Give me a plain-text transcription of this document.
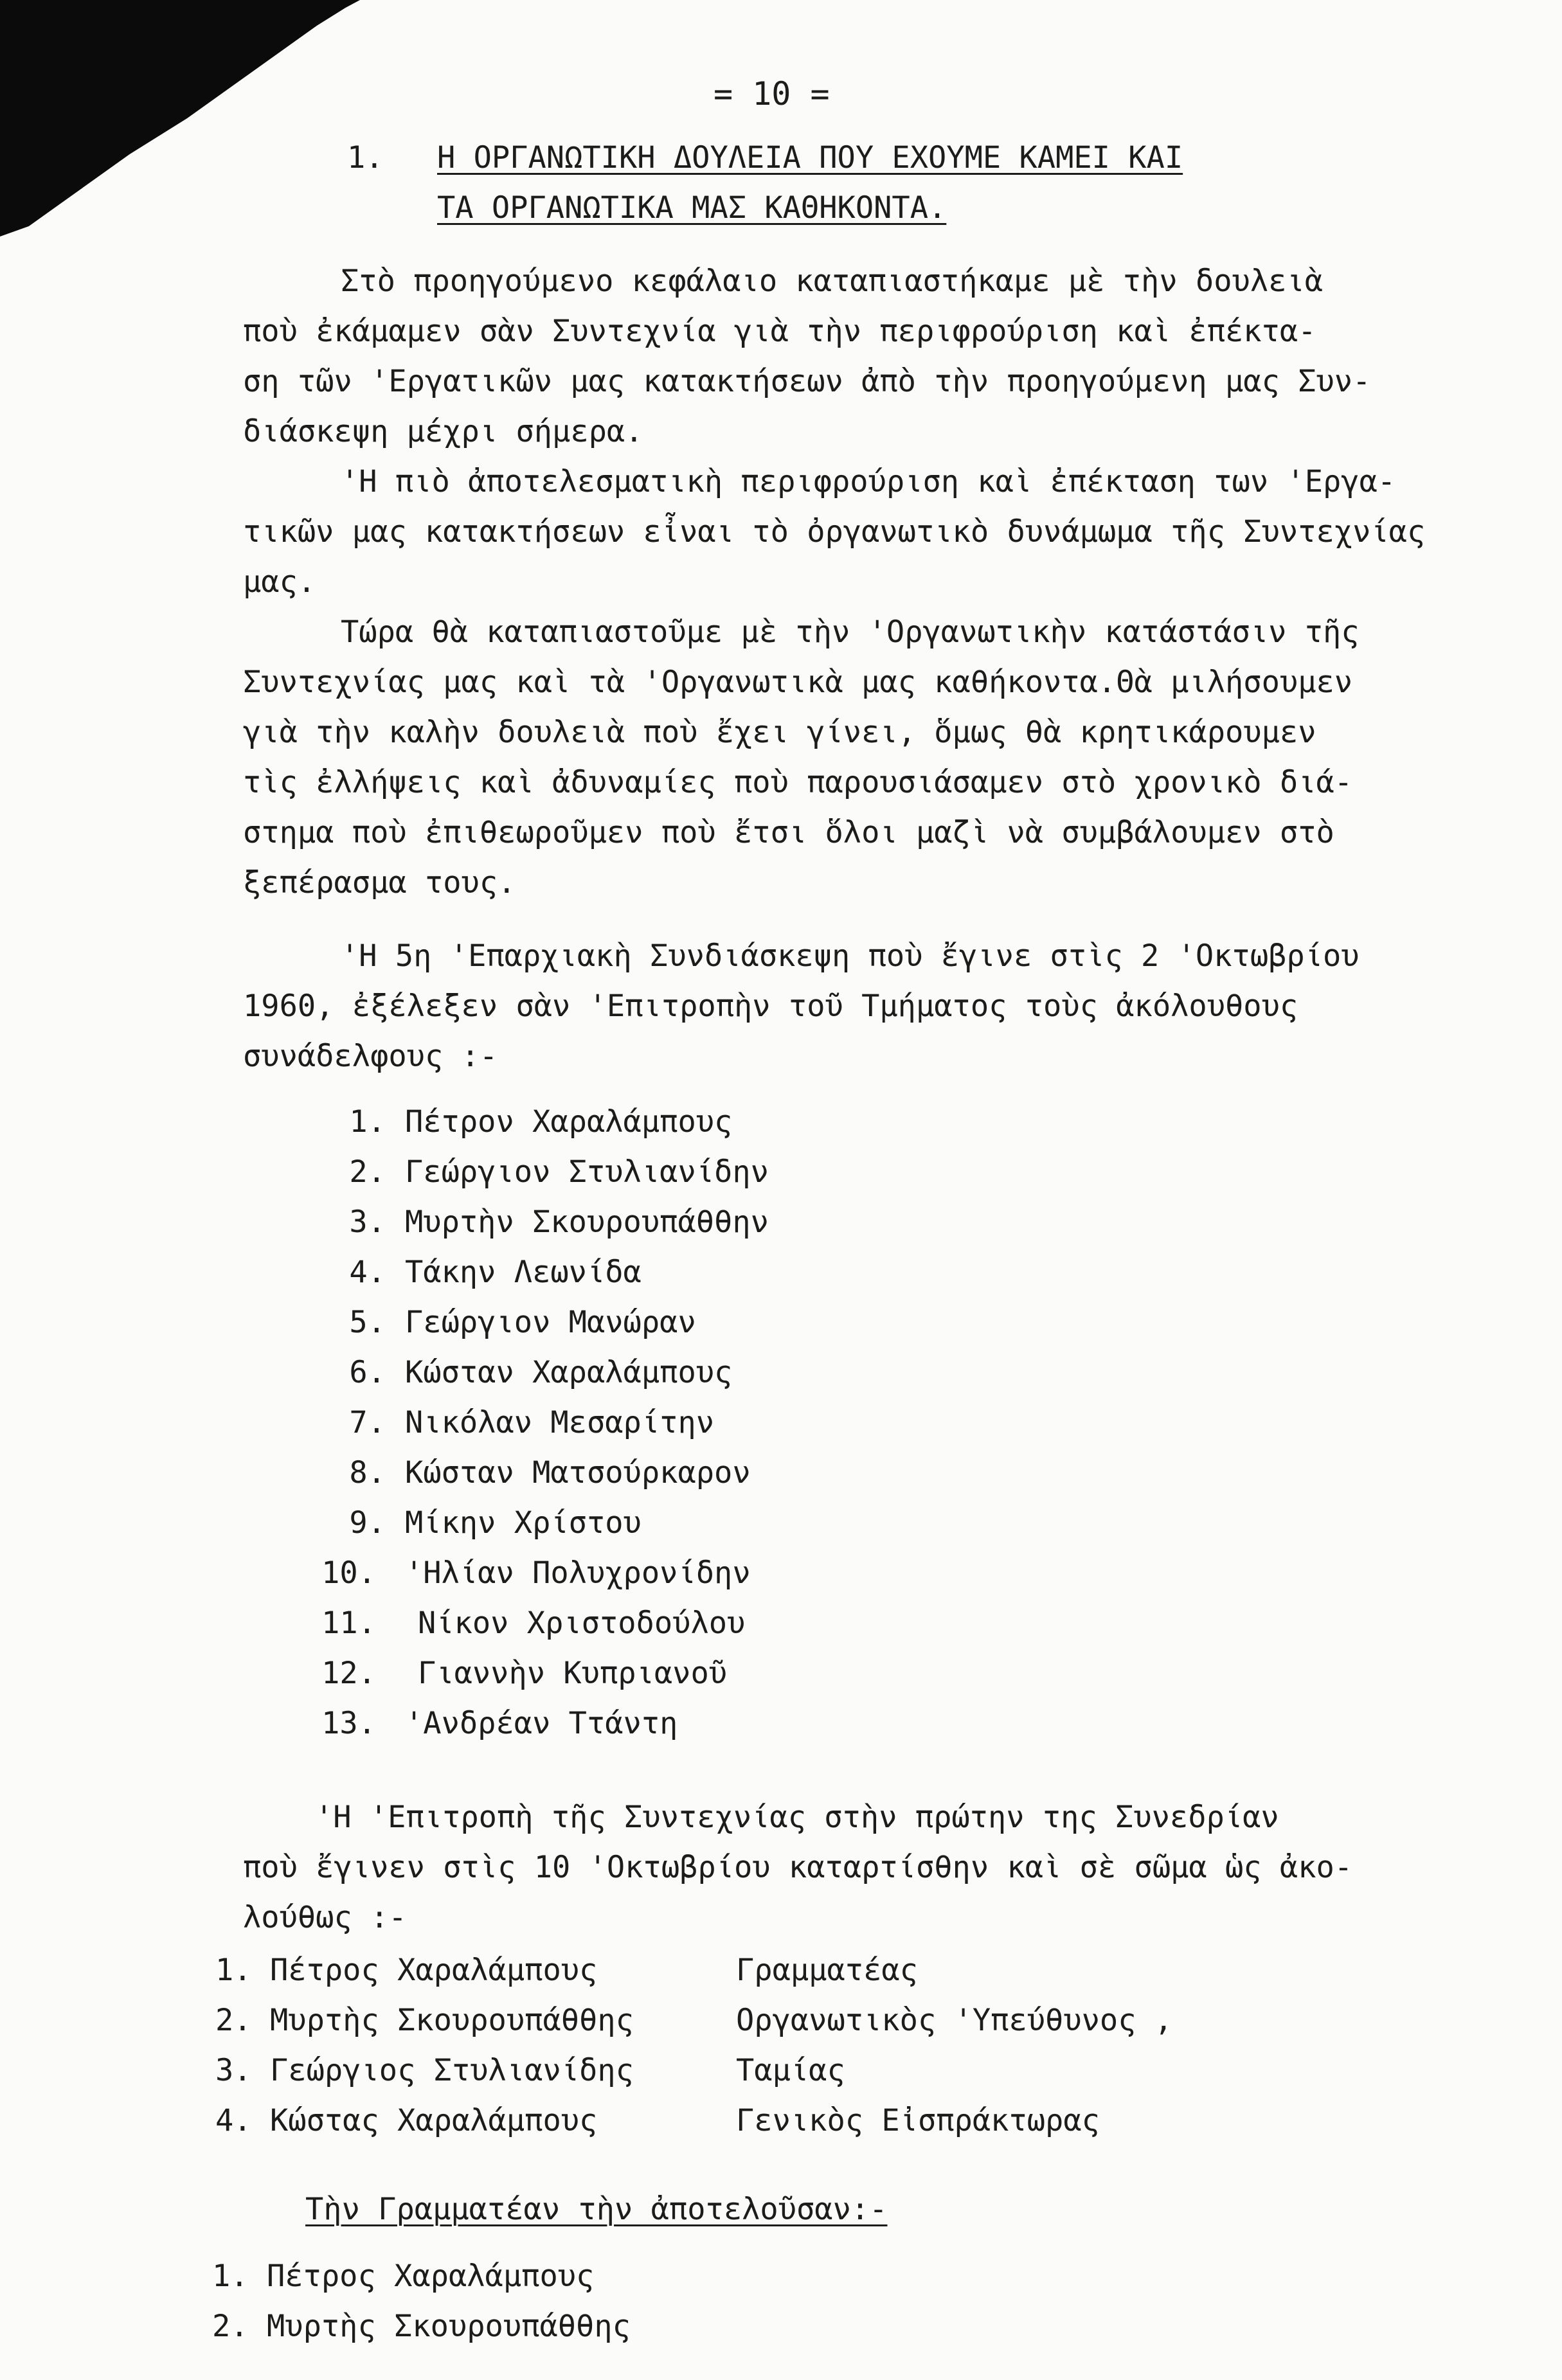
= 10 =
1. Η ΟΡΓΑΝΩΤΙΚΗ ΔΟΥΛΕΙΑ ΠΟΥ ΕΧΟΥΜΕ ΚΑΜΕΙ ΚΑΙ
ΤΑ ΟΡΓΑΝΩΤΙΚΑ ΜΑΣ ΚΑΘΗΚΟΝΤΑ.
Στὸ προηγούμενο κεφάλαιο καταπιαστήκαμε μὲ τὴν δουλειὰ
ποὺ ἐκάμαμεν σὰν Συντεχνία γιὰ τὴν περιφρούριση καὶ ἐπέκτα-
ση τῶν 'Εργατικῶν μας κατακτήσεων ἀπὸ τὴν προηγούμενη μας Συν-
διάσκεψη μέχρι σήμερα.
'Η πιὸ ἀποτελεσματικὴ περιφρούριση καὶ ἐπέκταση των 'Εργα-
τικῶν μας κατακτήσεων εἶναι τὸ ὀργανωτικὸ δυνάμωμα τῆς Συντεχνίας
μας.
Τώρα θὰ καταπιαστοῦμε μὲ τὴν 'Οργανωτικὴν κατάστάσιν τῆς
Συντεχνίας μας καὶ τὰ 'Οργανωτικὰ μας καθήκοντα.Θὰ μιλήσουμεν
γιὰ τὴν καλὴν δουλειὰ ποὺ ἔχει γίνει, ὅμως θὰ κρητικάρουμεν
τὶς ἐλλήψεις καὶ ἀδυναμίες ποὺ παρουσιάσαμεν στὸ χρονικὸ διά-
στημα ποὺ ἐπιθεωροῦμεν ποὺ ἔτσι ὅλοι μαζὶ νὰ συμβάλουμεν στὸ
ξεπέρασμα τους.
'Η 5η 'Επαρχιακὴ Συνδιάσκεψη ποὺ ἔγινε στὶς 2 'Οκτωβρίου
1960, ἐξέλεξεν σὰν 'Επιτροπὴν τοῦ Τμήματος τοὺς ἀκόλουθους
συνάδελφους :-
1. Πέτρον Χαραλάμπους
2. Γεώργιον Στυλιανίδην
3. Μυρτὴν Σκουρουπάθθην
4. Τάκην Λεωνίδα
5. Γεώργιον Μανώραν
6. Κώσταν Χαραλάμπους
7. Νικόλαν Μεσαρίτην
8. Κώσταν Ματσούρκαρον
9. Μίκην Χρίστου
10. 'Ηλίαν Πολυχρονίδην
11. Νίκον Χριστοδούλου
12. Γιαννὴν Κυπριανοῦ
13. 'Ανδρέαν Ττάντη
'Η 'Επιτροπὴ τῆς Συντεχνίας στὴν πρώτην της Συνεδρίαν
ποὺ ἔγινεν στὶς 10 'Οκτωβρίου καταρτίσθην καὶ σὲ σῶμα ὡς ἀκο-
λούθως :-
1. Πέτρος Χαραλάμπους	Γραμματέας
2. Μυρτὴς Σκουρουπάθθης	Οργανωτικὸς 'Υπεύθυνος ,
3. Γεώργιος Στυλιανίδης	Ταμίας
4. Κώστας Χαραλάμπους	Γενικὸς Εἰσπράκτωρας
Τὴν Γραμματέαν τὴν ἀποτελοῦσαν:-
1. Πέτρος Χαραλάμπους
2. Μυρτὴς Σκουρουπάθθης
